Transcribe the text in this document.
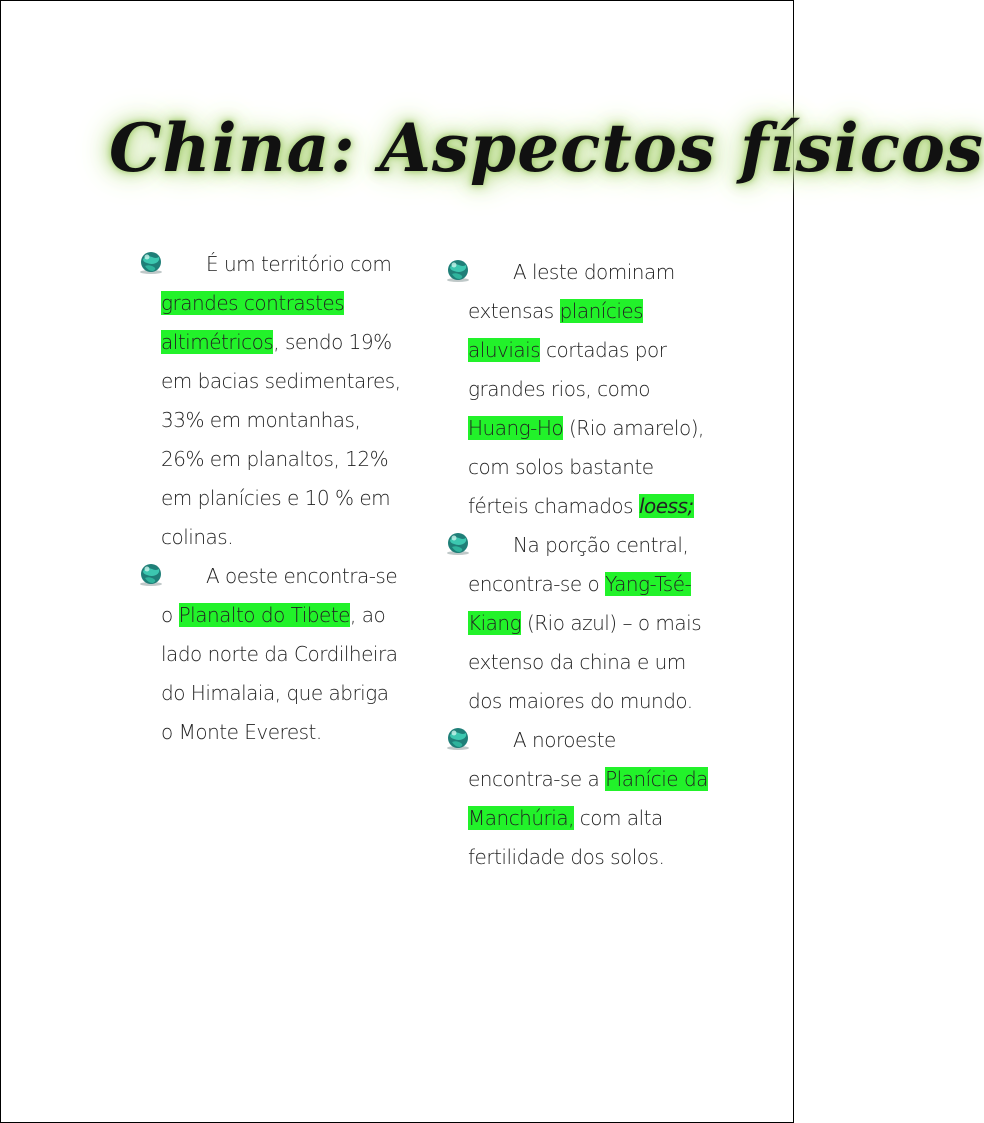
China: Aspectos físicos

É um território com grandes contrastes altimétricos, sendo 19% em bacias sedimentares, 33% em montanhas, 26% em planaltos, 12% em planícies e 10 % em colinas.

A oeste encontra-se o Planalto do Tibete, ao lado norte da Cordilheira do Himalaia, que abriga o Monte Everest.

A leste dominam extensas planícies aluviais cortadas por grandes rios, como Huang-Ho (Rio amarelo), com solos bastante férteis chamados loess;

Na porção central, encontra-se o Yang-Tsé-Kiang (Rio azul) – o mais extenso da china e um dos maiores do mundo.

A noroeste encontra-se a Planície da Manchúria, com alta fertilidade dos solos.
